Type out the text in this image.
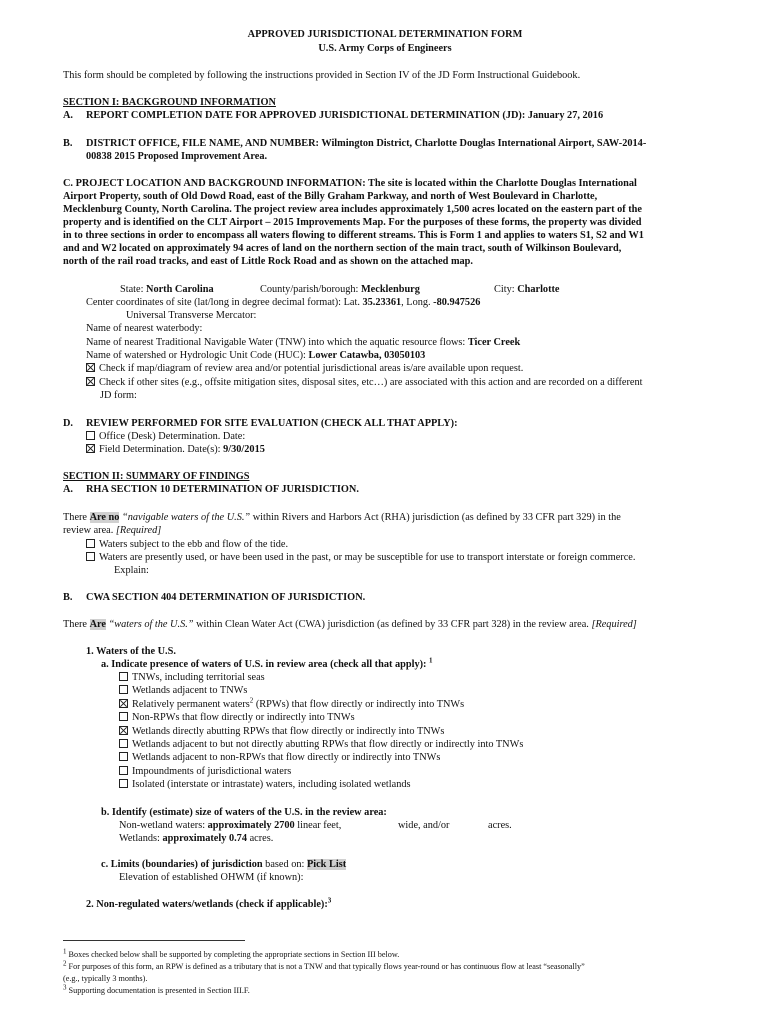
APPROVED JURISDICTIONAL DETERMINATION FORM
U.S. Army Corps of Engineers
This form should be completed by following the instructions provided in Section IV of the JD Form Instructional Guidebook.
SECTION I: BACKGROUND INFORMATION
A. REPORT COMPLETION DATE FOR APPROVED JURISDICTIONAL DETERMINATION (JD): January 27, 2016
B. DISTRICT OFFICE, FILE NAME, AND NUMBER: Wilmington District, Charlotte Douglas International Airport, SAW-2014-
00838 2015 Proposed Improvement Area.
C. PROJECT LOCATION AND BACKGROUND INFORMATION: The site is located within the Charlotte Douglas International
Airport Property, south of Old Dowd Road, east of the Billy Graham Parkway, and north of West Boulevard in Charlotte,
Mecklenburg County, North Carolina. The project review area includes approximately 1,500 acres located on the eastern part of the
property and is identified on the CLT Airport – 2015 Improvements Map. For the purposes of these forms, the property was divided
in to three sections in order to encompass all waters flowing to different streams. This is Form 1 and applies to waters S1, S2 and W1
and and W2 located on approximately 94 acres of land on the northern section of the main tract, south of Wilkinson Boulevard,
north of the rail road tracks, and east of Little Rock Road and as shown on the attached map.
State: North Carolina	County/parish/borough: Mecklenburg	City: Charlotte
Center coordinates of site (lat/long in degree decimal format): Lat. 35.23361, Long. -80.947526
Universal Transverse Mercator:
Name of nearest waterbody:
Name of nearest Traditional Navigable Water (TNW) into which the aquatic resource flows: Ticer Creek
Name of watershed or Hydrologic Unit Code (HUC): Lower Catawba, 03050103
Check if map/diagram of review area and/or potential jurisdictional areas is/are available upon request.
Check if other sites (e.g., offsite mitigation sites, disposal sites, etc…) are associated with this action and are recorded on a different
JD form:
D. REVIEW PERFORMED FOR SITE EVALUATION (CHECK ALL THAT APPLY):
Office (Desk) Determination. Date:
Field Determination. Date(s): 9/30/2015
SECTION II: SUMMARY OF FINDINGS
A. RHA SECTION 10 DETERMINATION OF JURISDICTION.
There Are no “navigable waters of the U.S.” within Rivers and Harbors Act (RHA) jurisdiction (as defined by 33 CFR part 329) in the
review area. [Required]
Waters subject to the ebb and flow of the tide.
Waters are presently used, or have been used in the past, or may be susceptible for use to transport interstate or foreign commerce.
Explain:
B. CWA SECTION 404 DETERMINATION OF JURISDICTION.
There Are “waters of the U.S.” within Clean Water Act (CWA) jurisdiction (as defined by 33 CFR part 328) in the review area. [Required]
1. Waters of the U.S.
a. Indicate presence of waters of U.S. in review area (check all that apply): $^1$
TNWs, including territorial seas
Wetlands adjacent to TNWs
Relatively permanent waters$^2$ (RPWs) that flow directly or indirectly into TNWs
Non-RPWs that flow directly or indirectly into TNWs
Wetlands directly abutting RPWs that flow directly or indirectly into TNWs
Wetlands adjacent to but not directly abutting RPWs that flow directly or indirectly into TNWs
Wetlands adjacent to non-RPWs that flow directly or indirectly into TNWs
Impoundments of jurisdictional waters
Isolated (interstate or intrastate) waters, including isolated wetlands
b. Identify (estimate) size of waters of the U.S. in the review area:
Non-wetland waters: approximately 2700 linear feet,	wide, and/or	acres.
Wetlands: approximately 0.74 acres.
c. Limits (boundaries) of jurisdiction based on: Pick List
Elevation of established OHWM (if known):
2. Non-regulated waters/wetlands (check if applicable):$^3$
$^1$ Boxes checked below shall be supported by completing the appropriate sections in Section III below.
$^2$ For purposes of this form, an RPW is defined as a tributary that is not a TNW and that typically flows year-round or has continuous flow at least “seasonally”
(e.g., typically 3 months).
$^3$ Supporting documentation is presented in Section III.F.
